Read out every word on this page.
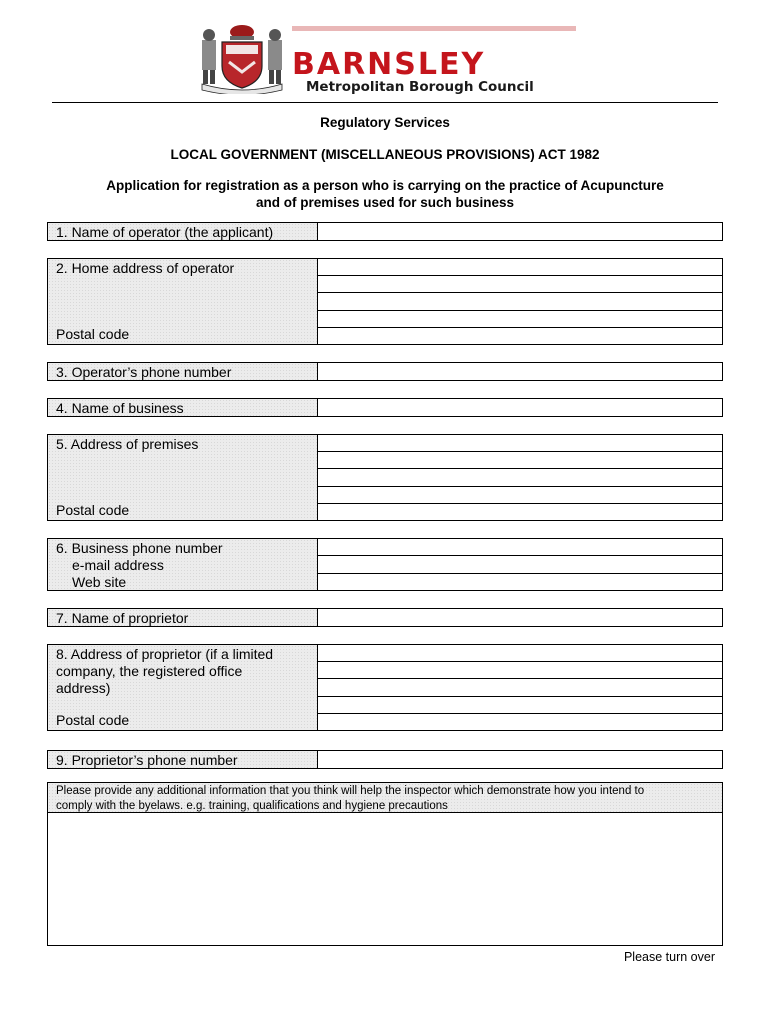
BARNSLEY
Metropolitan Borough Council
Regulatory Services
LOCAL GOVERNMENT (MISCELLANEOUS PROVISIONS) ACT 1982
Application for registration as a person who is carrying on the practice of Acupuncture
and of premises used for such business
1. Name of operator (the applicant)
2. Home address of operator
Postal code
3. Operator’s phone number
4. Name of business
5. Address of premises
Postal code
6. Business phone number
e-mail address
Web site
7. Name of proprietor
8. Address of proprietor (if a limited
company, the registered office
address)
Postal code
9. Proprietor’s phone number
Please provide any additional information that you think will help the inspector which demonstrate how you intend to
comply with the byelaws. e.g. training, qualifications and hygiene precautions
Please turn over
